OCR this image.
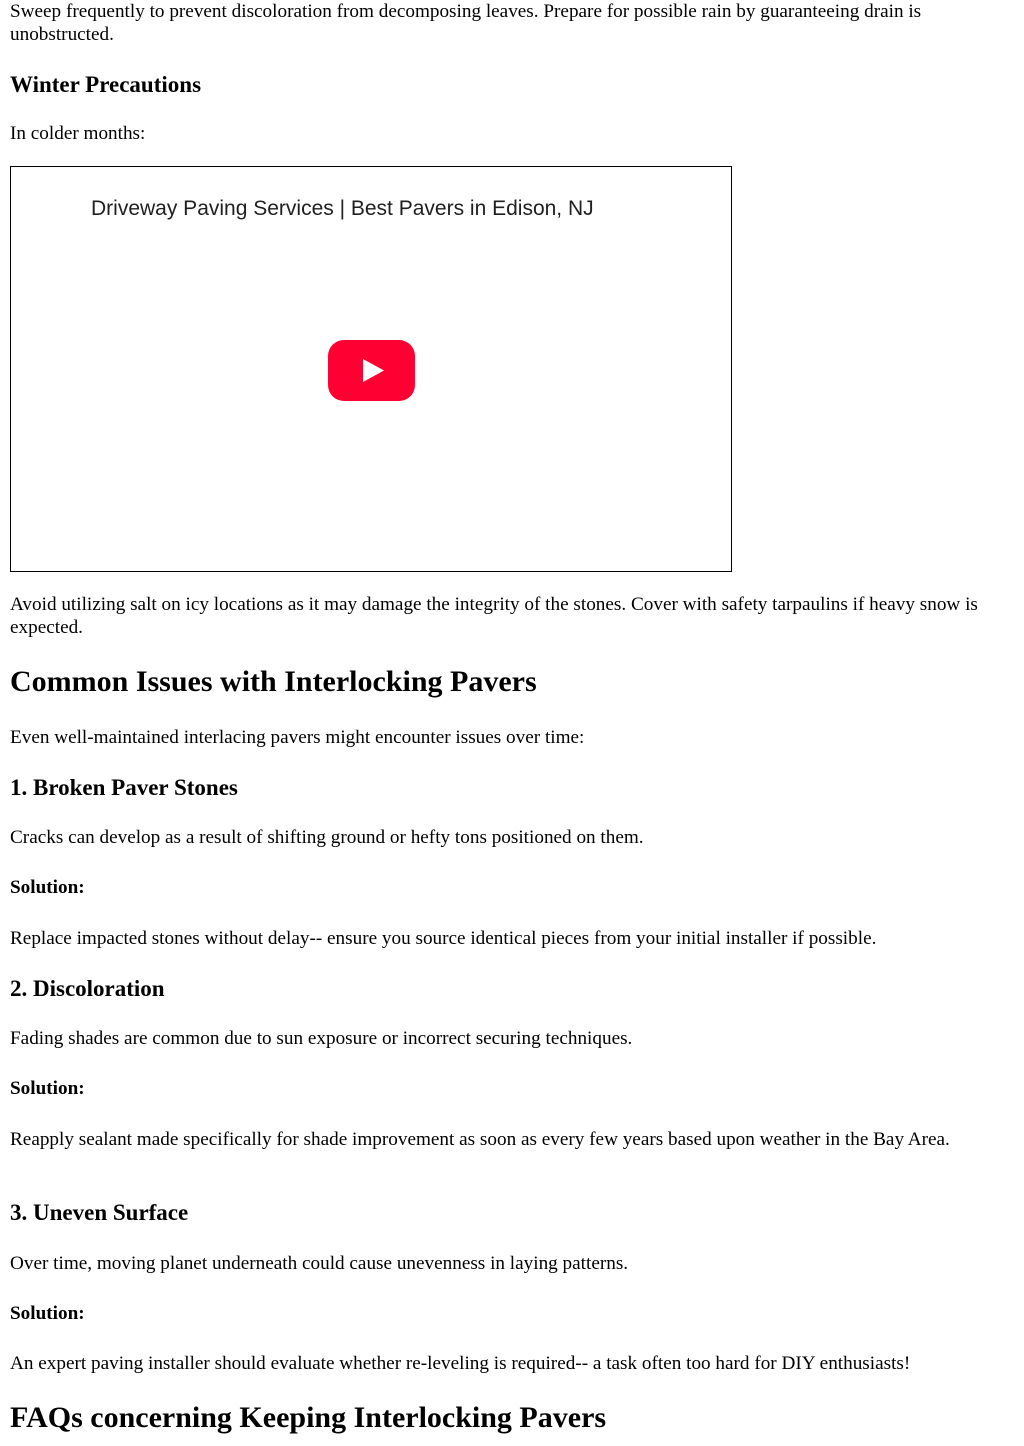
Sweep frequently to prevent discoloration from decomposing leaves. Prepare for possible rain by guaranteeing drain is unobstructed.

Winter Precautions

In colder months:

Driveway Paving Services | Best Pavers in Edison, NJ

Avoid utilizing salt on icy locations as it may damage the integrity of the stones. Cover with safety tarpaulins if heavy snow is expected.

Common Issues with Interlocking Pavers

Even well-maintained interlacing pavers might encounter issues over time:

1. Broken Paver Stones

Cracks can develop as a result of shifting ground or hefty tons positioned on them.

Solution:

Replace impacted stones without delay-- ensure you source identical pieces from your initial installer if possible.

2. Discoloration

Fading shades are common due to sun exposure or incorrect securing techniques.

Solution:

Reapply sealant made specifically for shade improvement as soon as every few years based upon weather in the Bay Area.

3. Uneven Surface

Over time, moving planet underneath could cause unevenness in laying patterns.

Solution:

An expert paving installer should evaluate whether re-leveling is required-- a task often too hard for DIY enthusiasts!

FAQs concerning Keeping Interlocking Pavers
